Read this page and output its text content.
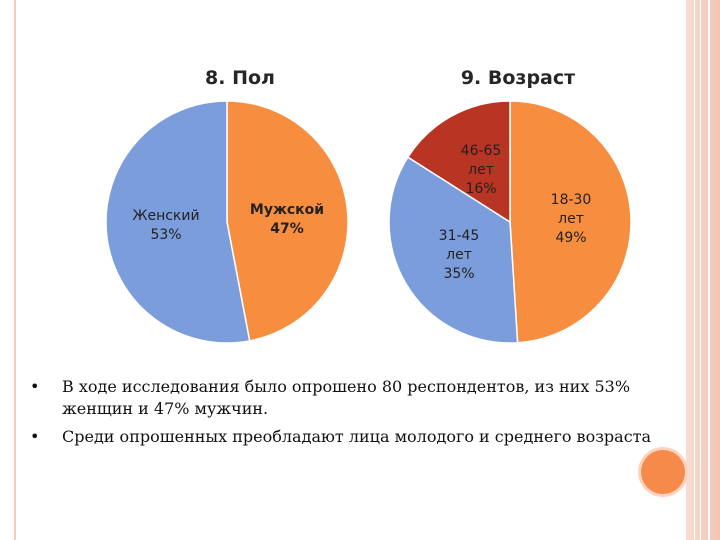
8. Пол	9. Возраст
Мужской 47%
Женский 53%
18-30 лет 49%
31-45 лет 35%
46-65 лет 16%
•	В ходе исследования было опрошено 80 респондентов, из них 53% женщин и 47% мужчин.
•	Среди опрошенных преобладают лица молодого и среднего возраста
